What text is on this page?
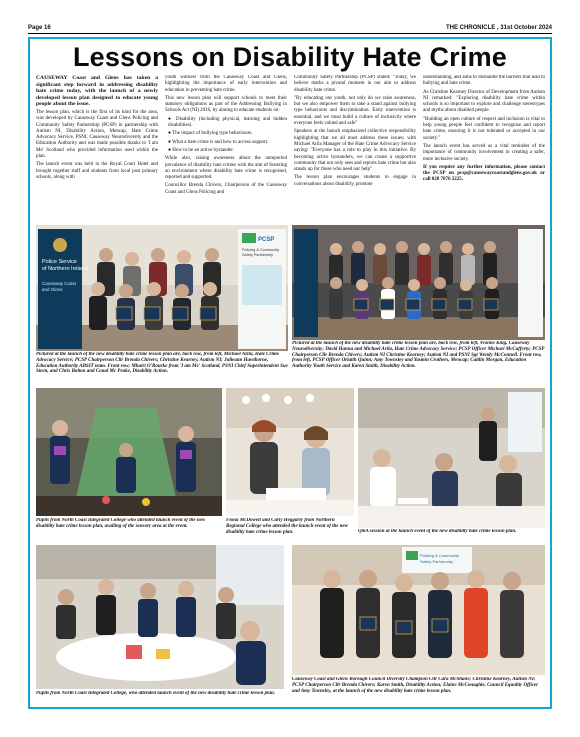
Page 16	THE CHRONICLE , 31st October 2024
Lessons on Disability Hate Crime

CAUSEWAY Coast and Glens has taken a significant step forward in addressing disability hate crime today, with the launch of a newly developed lesson plan designed to educate young people about the issue.

The lesson plan, which is the first of its kind for the area, was developed by Causeway Coast and Glens Policing and Community Safety Partnership (PCSP) in partnership with Autism NI, Disability Action, Mencap, Hate Crime Advocacy Service, PSNI, Causeway Neurodiversity and the Education Authority and was made possible thanks to 'I am Me' Scotland who provided information used within the plan.

The launch event was held in the Royal Court Hotel and brought together staff and students from local post primary schools, along with

youth workers from the Causeway Coast and Glens, highlighting the importance of early intervention and education in preventing hate crime.

This new lesson plan will support schools to meet their statutory obligations as part of the Addressing Bullying in Schools Act (NI) 2016, by aiming to educate students on:

● Disability (including physical, learning and hidden disabilities).

● The impact of bullying type behaviours.

● What a hate crime is and how to access support.

● How to be an active bystander.

While also, raising awareness about the unreported prevalence of disability hate crimes with the aim of fostering an environment where disability hate crime is recognised, reported and supported.

Councillor Brenda Chivers, Chairperson of the Causeway Coast and Glens Policing and

Community Safety Partnership (PCSP) stated: "Today, we believe marks a pivotal moment in our aim to address disability hate crime.

"By educating our youth, not only do we raise awareness, but we also empower them to take a stand against bullying type behaviours and discrimination. Early intervention is essential, and we must build a culture of inclusivity where everyone feels valued and safe"

Speakers at the launch emphasized collective responsibility highlighting that we all must address these issues; with Michael Arila Manager of the Hate Crime Advocacy Service saying: "Everyone has a role to play in this initiative. By becoming active bystanders, we can create a supportive community that not only sees and reports hate crime but also stands up for those who need our help"

The lesson plan encourages students to engage in conversations about disability, promote

understanding, and aims to dismantle the barriers that lead to bullying and hate crime.

As Christine Kearney Director of Development from Autism NI remarked: "Exploring disability hate crime within schools is so important to explore and challenge stereotypes and myths about disabled people.

"Building an open culture of respect and inclusion is vital to help young people feel confident to recognise and report hate crime, ensuring it is not tolerated or accepted in our society."

The launch event has served as a vital reminder of the importance of community involvement in creating a safer, more inclusive society.

If you require any further information, please contact the PCSP on pcsp@causewaycoastandglens.gov.uk or call 028 7076 2225.

Police Service
of Northern Ireland
Causeway Coast
and Glens
PCSP
Policing & Community
Safety Partnership
Pictured at the launch of the new disability hate crime lesson plan are, back row, from left, Michael Arila, Hate Crime Advocacy Service; PCSP Chairperson Cllr Brenda Chivers; Christine Kearney, Autism NI; Julieann Hawthorne, Education Authority ABSIT team. Front row; Mhairi O'Rourke from 'I am Me' Scotland, PSNI Chief Superintendent Sue Steen, and Chris Bolton and Conal Mc Peake, Disability Action.
Pictured at the launch of the new disability hate crime lesson plan are, back row, from left, Yvonne King, Causeway Neurodiversity; David Hanna and Michael Arila, Hate Crime Advocacy Service; PCSP Officer Michael McCafferty; PCSP Chairperson Cllr Brenda Chivers; Autism NI Christine Kearney; Autism NI and PSNI Sgt Wendy McConnell. Front row, from left, PCSP Officer Orlaith Quinn; Amy Townsley and Yasmin Crothers, Mencap; Caitlin Morgan, Education Authority Youth Service and Karen Smith, Disability Action.
Pupils from North Coast Integrated College who attended launch event of the new disability hate crime lesson plan, availing of the sensory area at the event.
Fiona McDowell and Carly Heggarty from Northern Regional College who attended the launch event of the new disability hate crime lesson plan.	Q&A session at the launch event of the new disability hate crime lesson plan.
Policing & Community
Safety Partnership
Pupils from North Coast Integrated College, who attended launch event of the new disability hate crime lesson plan.
Causeway Coast and Glens Borough Council Diversity Champion Cllr Cara McShane; Christine Kearney, Autism NI; PCSP Chairperson Cllr Brenda Chivers; Karen Smith, Disability Action; Elaine McConaghie, Council Equality Officer and Amy Townsley, at the launch of the new disability hate crime lesson plan.
